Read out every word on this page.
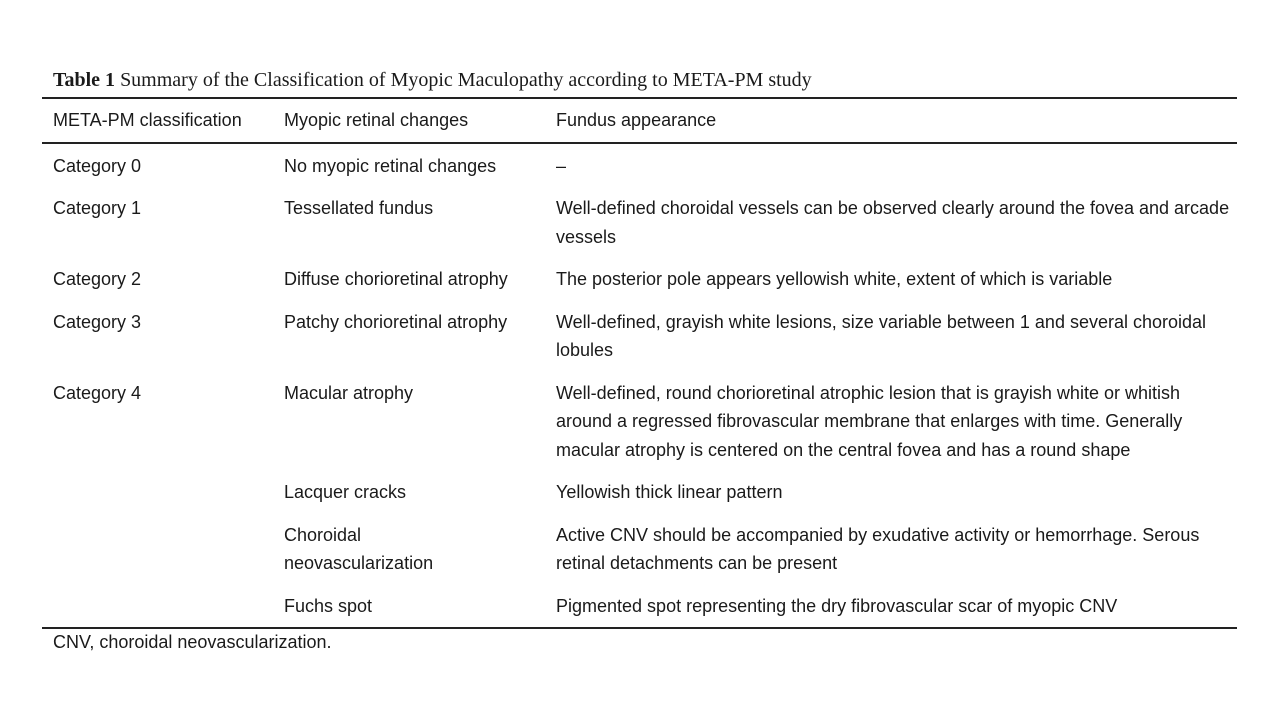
Table 1 Summary of the Classification of Myopic Maculopathy according to META-PM study
META-PM classification	Myopic retinal changes	Fundus appearance
Category 0	No myopic retinal changes	–
Category 1	Tessellated fundus	Well-defined choroidal vessels can be observed clearly around the fovea and arcade vessels
Category 2	Diffuse chorioretinal atrophy	The posterior pole appears yellowish white, extent of which is variable
Category 3	Patchy chorioretinal atrophy	Well-defined, grayish white lesions, size variable between 1 and several choroidal lobules
Category 4	Macular atrophy	Well-defined, round chorioretinal atrophic lesion that is grayish white or whitish around a regressed fibrovascular membrane that enlarges with time. Generally macular atrophy is centered on the central fovea and has a round shape
	Lacquer cracks	Yellowish thick linear pattern
	Choroidal neovascularization	Active CNV should be accompanied by exudative activity or hemorrhage. Serous retinal detachments can be present
	Fuchs spot	Pigmented spot representing the dry fibrovascular scar of myopic CNV
CNV, choroidal neovascularization.
